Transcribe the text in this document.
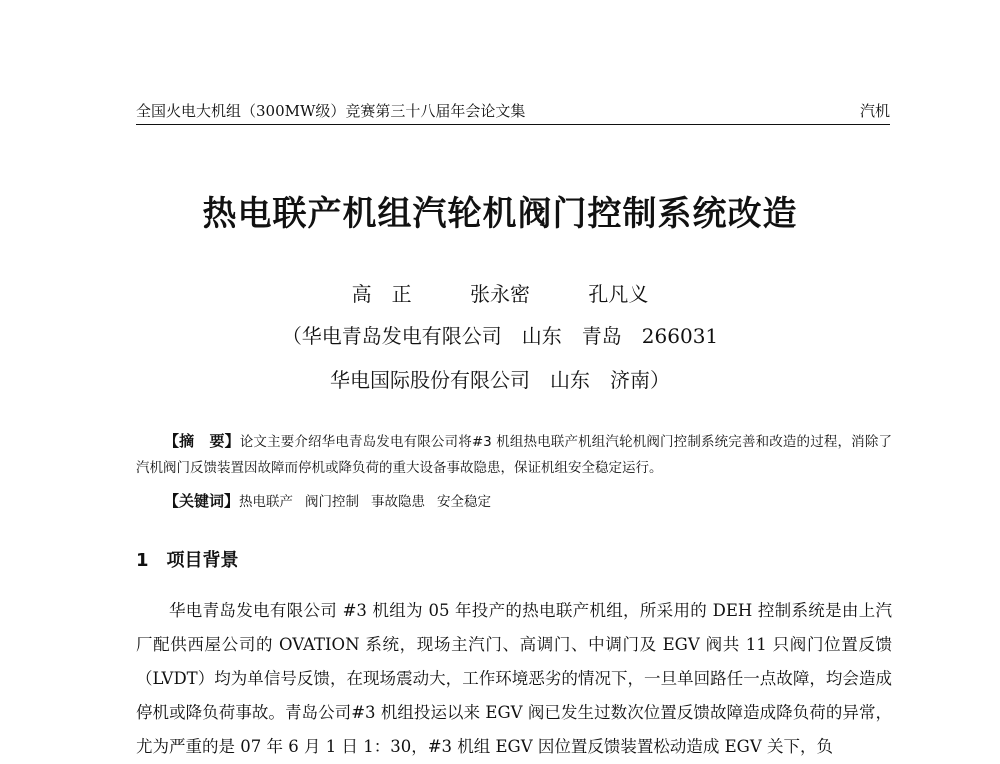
全国火电大机组（300MW级）竞赛第三十八届年会论文集	汽机
热电联产机组汽轮机阀门控制系统改造
高　正	张永密	孔凡义
（华电青岛发电有限公司　山东　青岛　266031
华电国际股份有限公司　山东　济南）
【摘　要】论文主要介绍华电青岛发电有限公司将#3 机组热电联产机组汽轮机阀门控制系统完善和改造的过程，消除了汽机阀门反馈装置因故障而停机或降负荷的重大设备事故隐患，保证机组安全稳定运行。
【关键词】热电联产 阀门控制 事故隐患 安全稳定
1 项目背景
华电青岛发电有限公司 #3 机组为 05 年投产的热电联产机组，所采用的 DEH 控制系统是由上汽厂配供西屋公司的 OVATION 系统，现场主汽门、高调门、中调门及 EGV 阀共 11 只阀门位置反馈（LVDT）均为单信号反馈，在现场震动大，工作环境恶劣的情况下，一旦单回路任一点故障，均会造成停机或降负荷事故。青岛公司#3 机组投运以来 EGV 阀已发生过数次位置反馈故障造成降负荷的异常，尤为严重的是 07 年 6 月 1 日 1：30，#3 机组 EGV 因位置反馈装置松动造成 EGV 关下，负
